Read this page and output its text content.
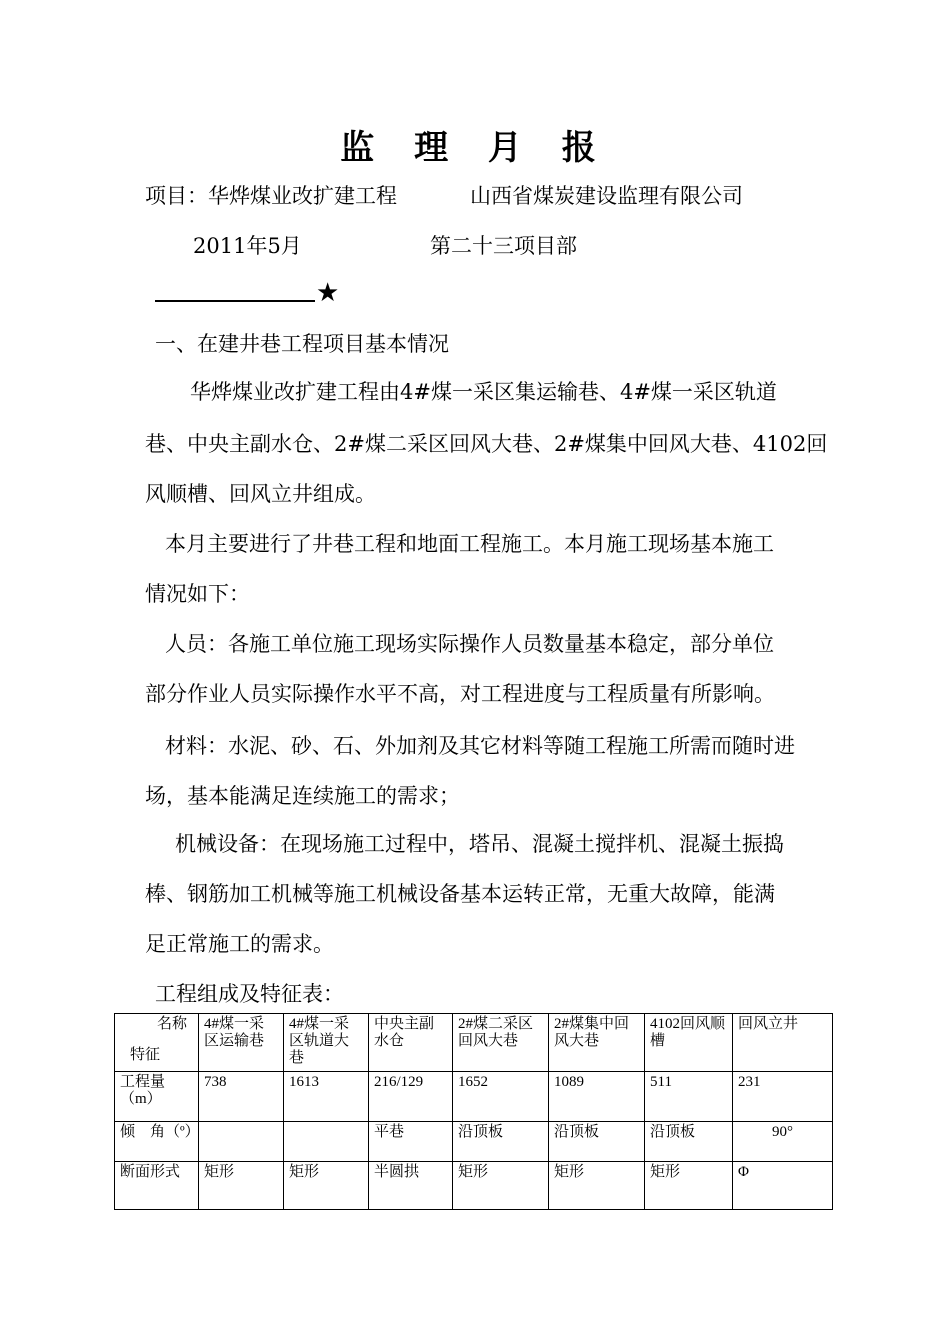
监 理 月 报
项目：华烨煤业改扩建工程	山西省煤炭建设监理有限公司
2011年5月	第二十三项目部
★
一、在建井巷工程项目基本情况
华烨煤业改扩建工程由4#煤一采区集运输巷、4#煤一采区轨道
巷、中央主副水仓、2#煤二采区回风大巷、2#煤集中回风大巷、4102回
风顺槽、回风立井组成。
本月主要进行了井巷工程和地面工程施工。本月施工现场基本施工
情况如下：
人员：各施工单位施工现场实际操作人员数量基本稳定，部分单位
部分作业人员实际操作水平不高，对工程进度与工程质量有所影响。
材料：水泥、砂、石、外加剂及其它材料等随工程施工所需而随时进
场，基本能满足连续施工的需求；
机械设备：在现场施工过程中，塔吊、混凝土搅拌机、混凝土振捣
棒、钢筋加工机械等施工机械设备基本运转正常，无重大故障，能满
足正常施工的需求。
工程组成及特征表：
名称
特征	4#煤一采区运输巷	4#煤一采区轨道大巷	中央主副水仓	2#煤二采区回风大巷	2#煤集中回风大巷	4102回风顺槽	回风立井
工程量（m）	738	1613	216/129	1652	1089	511	231
倾　角（º）			平巷	沿顶板	沿顶板	沿顶板	90°
断面形式	矩形	矩形	半圆拱	矩形	矩形	矩形	Φ
